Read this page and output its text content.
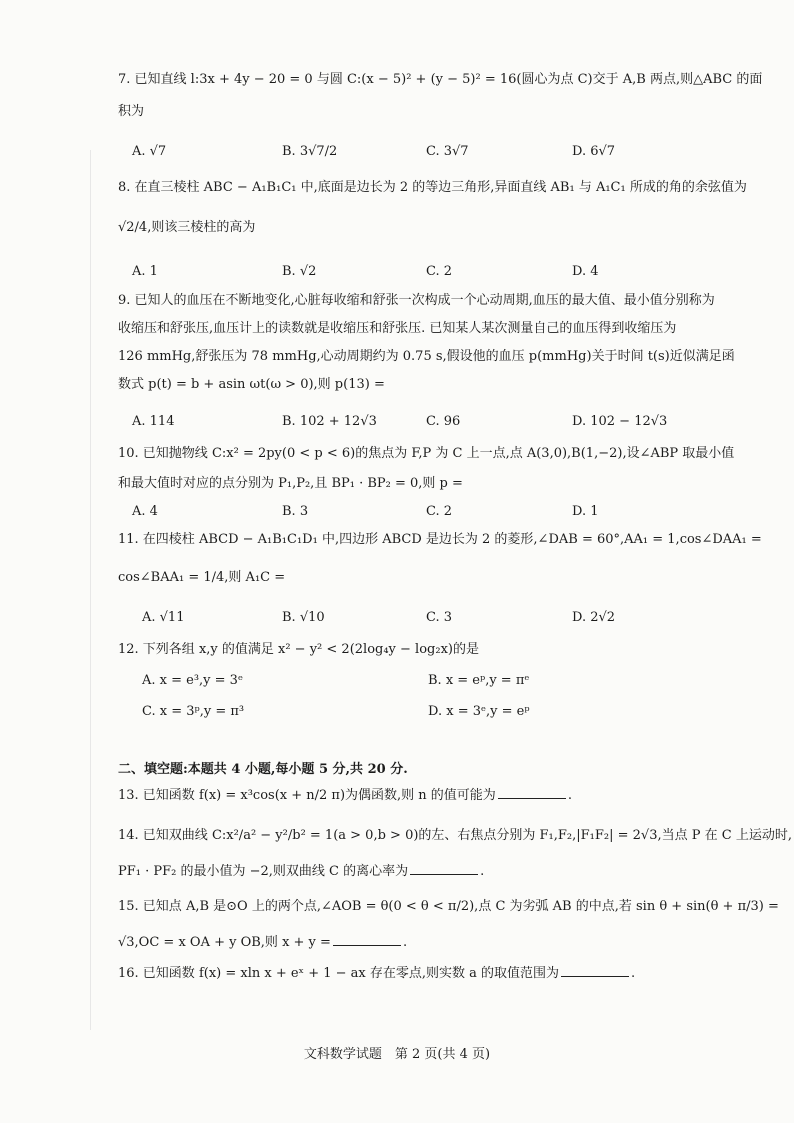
7. 已知直线 l:3x + 4y − 20 = 0 与圆 C:(x − 5)² + (y − 5)² = 16(圆心为点 C)交于 A,B 两点,则△ABC 的面
积为
A. √7	B. 3√7/2	C. 3√7	D. 6√7
8. 在直三棱柱 ABC − A₁B₁C₁ 中,底面是边长为 2 的等边三角形,异面直线 AB₁ 与 A₁C₁ 所成的角的余弦值为
√2/4,则该三棱柱的高为
A. 1	B. √2	C. 2	D. 4
9. 已知人的血压在不断地变化,心脏每收缩和舒张一次构成一个心动周期,血压的最大值、最小值分别称为
收缩压和舒张压,血压计上的读数就是收缩压和舒张压. 已知某人某次测量自己的血压得到收缩压为
126 mmHg,舒张压为 78 mmHg,心动周期约为 0.75 s,假设他的血压 p(mmHg)关于时间 t(s)近似满足函
数式 p(t) = b + asin ωt(ω > 0),则 p(13) =
A. 114	B. 102 + 12√3	C. 96	D. 102 − 12√3
10. 已知抛物线 C:x² = 2py(0 < p < 6)的焦点为 F,P 为 C 上一点,点 A(3,0),B(1,−2),设∠ABP 取最小值
和最大值时对应的点分别为 P₁,P₂,且 BP₁ · BP₂ = 0,则 p =
A. 4	B. 3	C. 2	D. 1
11. 在四棱柱 ABCD − A₁B₁C₁D₁ 中,四边形 ABCD 是边长为 2 的菱形,∠DAB = 60°,AA₁ = 1,cos∠DAA₁ =
cos∠BAA₁ = 1/4,则 A₁C =
A. √11	B. √10	C. 3	D. 2√2
12. 下列各组 x,y 的值满足 x² − y² < 2(2log₄y − log₂x)的是
A. x = e³,y = 3ᵉ	B. x = eᵖ,y = πᵉ
C. x = 3ᵖ,y = π³	D. x = 3ᵉ,y = eᵖ
二、填空题:本题共 4 小题,每小题 5 分,共 20 分.
13. 已知函数 f(x) = x³cos(x + n/2 π)为偶函数,则 n 的值可能为	.
14. 已知双曲线 C:x²/a² − y²/b² = 1(a > 0,b > 0)的左、右焦点分别为 F₁,F₂,|F₁F₂| = 2√3,当点 P 在 C 上运动时,
PF₁ · PF₂ 的最小值为 −2,则双曲线 C 的离心率为	.
15. 已知点 A,B 是⊙O 上的两个点,∠AOB = θ(0 < θ < π/2),点 C 为劣弧 AB 的中点,若 sin θ + sin(θ + π/3) =
√3,OC = x OA + y OB,则 x + y =	.
16. 已知函数 f(x) = xln x + eˣ + 1 − ax 存在零点,则实数 a 的取值范围为	.
文科数学试题　第 2 页(共 4 页)
